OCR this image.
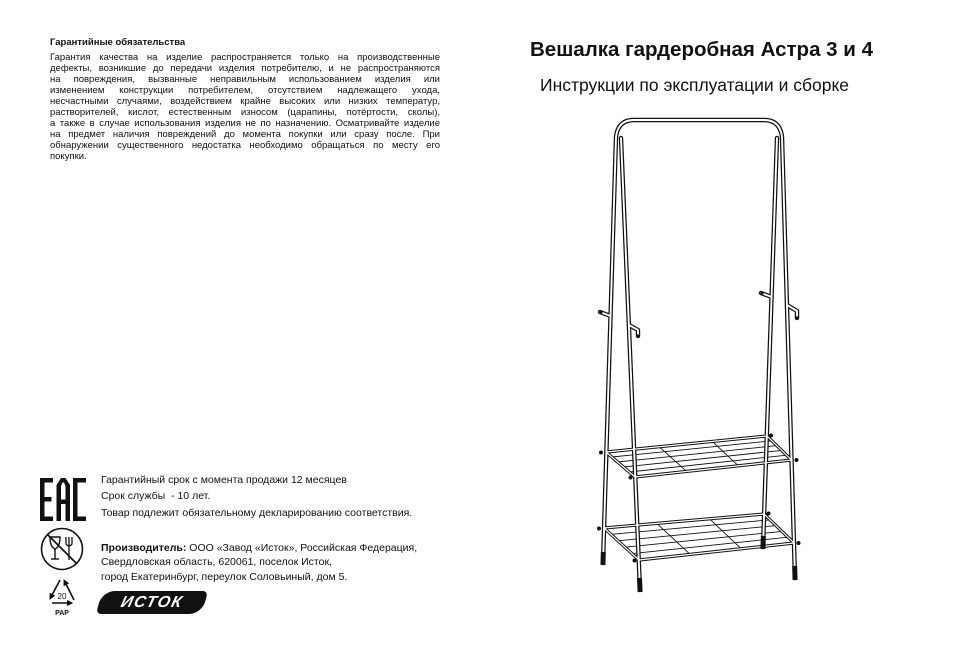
Гарантийные обязательства
Гарантия качества на изделие распространяется только на производственные
дефекты, возникшие до передачи изделия потребителю, и не распространяются
на повреждения, вызванные неправильным использованием изделия или
изменением конструкции потребителем, отсутствием надлежащего ухода,
несчастными случаями, воздействием крайне высоких или низких температур,
растворителей, кислот, естественным износом (царапины, потёртости, сколы),
а также в случае использования изделия не по назначению. Осматривайте изделие
на предмет наличия повреждений до момента покупки или сразу после. При
обнаружении существенного недостатка необходимо обращаться по месту его
покупки.
Гарантийный срок с момента продажи 12 месяцев
Срок службы  - 10 лет.
Товар подлежит обязательному декларированию соответствия.
Производитель: ООО «Завод «Исток», Российская Федерация,
Свердловская область, 620061, поселок Исток,
город Екатеринбург, переулок Соловьиный, дом 5.
20
PAP
ИСТОК
Вешалка гардеробная Астра 3 и 4
Инструкции по эксплуатации и сборке
